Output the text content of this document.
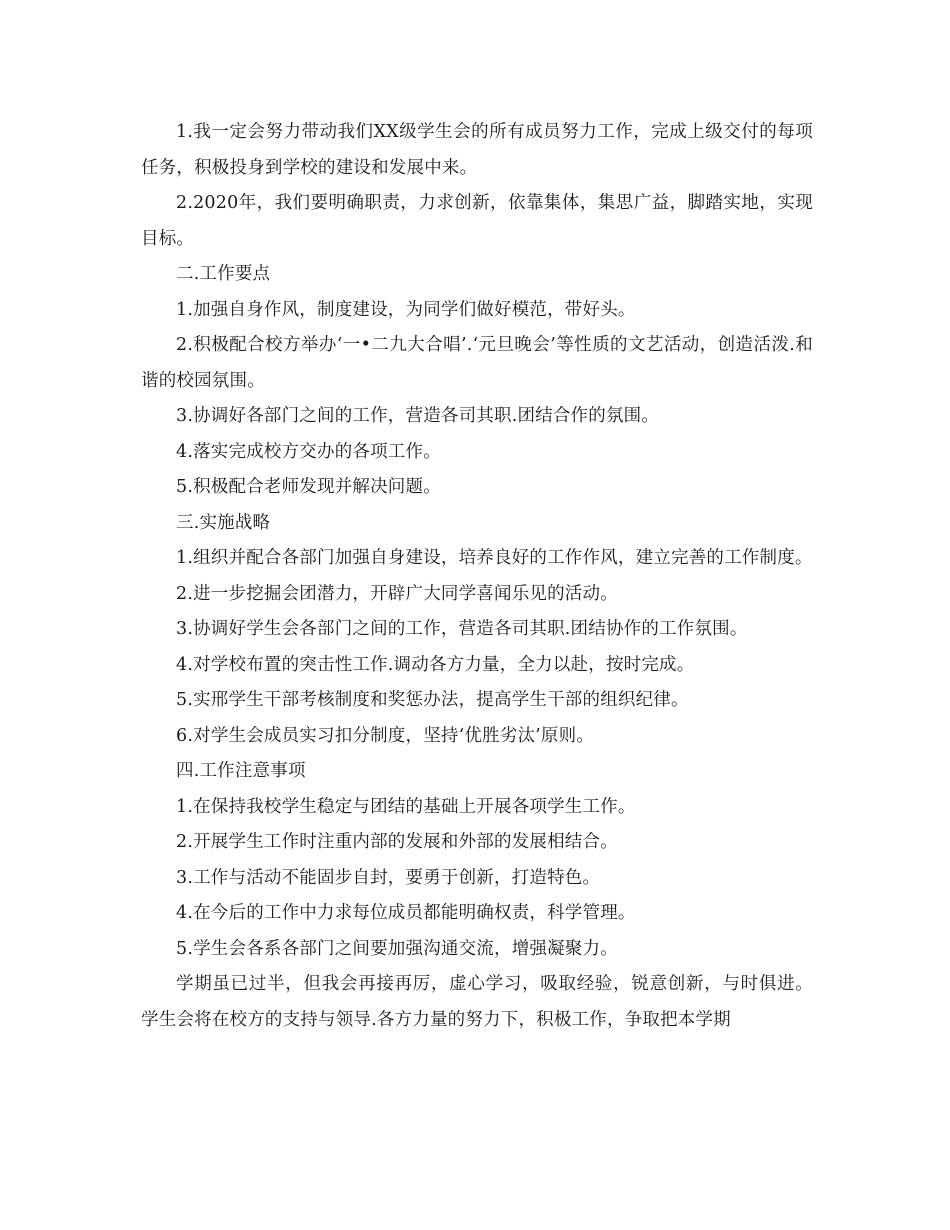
1.我一定会努力带动我们XX级学生会的所有成员努力工作，完成上级交付的每项任务，积极投身到学校的建设和发展中来。

2.2020年，我们要明确职责，力求创新，依靠集体，集思广益，脚踏实地，实现目标。

二.工作要点

1.加强自身作风，制度建设，为同学们做好模范，带好头。

2.积极配合校方举办‘一•二九大合唱’.‘元旦晚会’等性质的文艺活动，创造活泼.和谐的校园氛围。

3.协调好各部门之间的工作，营造各司其职.团结合作的氛围。

4.落实完成校方交办的各项工作。

5.积极配合老师发现并解决问题。

三.实施战略

1.组织并配合各部门加强自身建设，培养良好的工作作风，建立完善的工作制度。

2.进一步挖掘会团潜力，开辟广大同学喜闻乐见的活动。

3.协调好学生会各部门之间的工作，营造各司其职.团结协作的工作氛围。

4.对学校布置的突击性工作.调动各方力量，全力以赴，按时完成。

5.实邢学生干部考核制度和奖惩办法，提高学生干部的组织纪律。

6.对学生会成员实习扣分制度，坚持‘优胜劣汰’原则。

四.工作注意事项

1.在保持我校学生稳定与团结的基础上开展各项学生工作。

2.开展学生工作时注重内部的发展和外部的发展相结合。

3.工作与活动不能固步自封，要勇于创新，打造特色。

4.在今后的工作中力求每位成员都能明确权责，科学管理。

5.学生会各系各部门之间要加强沟通交流，增强凝聚力。

学期虽已过半，但我会再接再厉，虚心学习，吸取经验，锐意创新，与时俱进。学生会将在校方的支持与领导.各方力量的努力下，积极工作，争取把本学期
